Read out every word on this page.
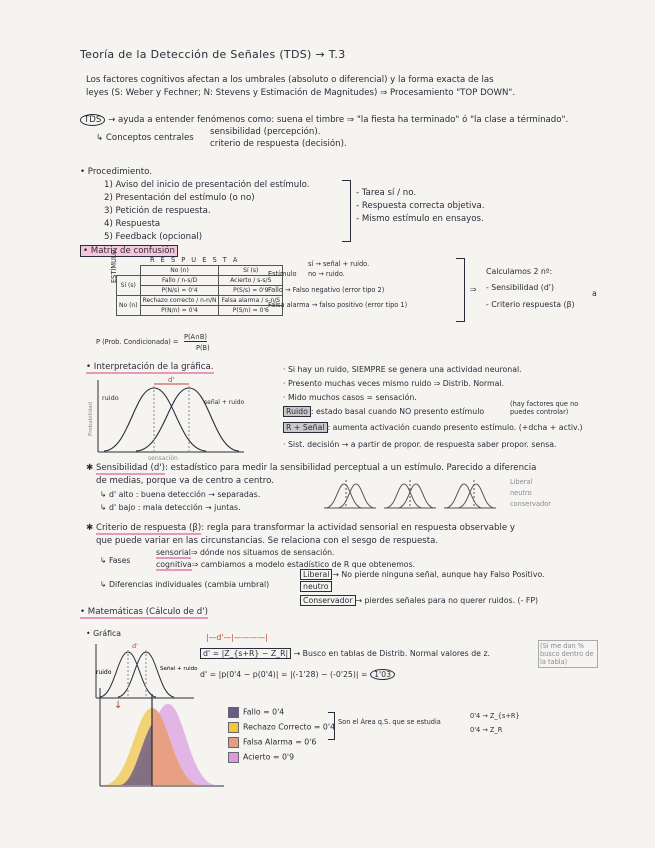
Teoría de la Detección de Señales (TDS) → T.3
Los factores cognitivos afectan a los umbrales (absoluto o diferencial) y la forma exacta de las
leyes (S: Weber y Fechner; N: Stevens y Estimación de Magnitudes) ⇒ Procesamiento "TOP DOWN".
TDS → ayuda a entender fenómenos como: suena el timbre ⇒ "la fiesta ha terminado" ó "la clase a términado".
↳ Conceptos centrales
sensibilidad (percepción).
criterio de respuesta (decisión).
• Procedimiento.
1) Aviso del inicio de presentación del estímulo.
2) Presentación del estímulo (o no)
3) Petición de respuesta.
4) Respuesta
5) Feedback (opcional)
- Tarea sí / no.
- Respuesta correcta objetiva.
- Mismo estímulo en ensayos.
• Matriz de confusión
R E S P U E S T A
ESTÍMULO
		No (n)	Sí (s)
Sí (s)	Fallo / n-s/D	Acierto / s-s/S
	P(N/s) = 0'4	P(S/s) = 0'9
No (n)	Rechazo correcto / n-n/N	Falsa alarma / s-n/S
	P(N/n) = 0'4	P(S/n) = 0'6
Estímulo
sí → señal + ruido.
no → ruido.
Fallo → Falso negativo (error tipo 2)
Falsa alarma → falso positivo (error tipo 1)
⇒
Calculamos 2 nº:
- Sensibilidad (d')
- Criterio respuesta (β)
a
P (Prob. Condicionada) =
P(A∩B)
P(B)
• Interpretación de la gráfica.
d'
ruido
señal + ruido
Probabilidad
sensación
· Si hay un ruido, SIEMPRE se genera una actividad neuronal.
· Presento muchas veces mismo ruido ⇒ Distrib. Normal.
· Mido muchos casos = sensación.
Ruido : estado basal cuando NO presento estímulo
(hay factores que no puedes controlar)
R + Señal : aumenta activación cuando presento estímulo. (+dcha + activ.)
· Sist. decisión → a partir de propor. de respuesta saber propor. sensa.
✱ Sensibilidad (d'): estadístico para medir la sensibilidad perceptual a un estímulo. Parecido a diferencia
de medias, porque va de centro a centro.
↳ d' alto : buena detección → separadas.
↳ d' bajo : mala detección → juntas.
Liberal
neutro
conservador
✱ Criterio de respuesta (β): regla para transformar la actividad sensorial en respuesta observable y
que puede variar en las circunstancias. Se relaciona con el sesgo de respuesta.
↳ Fases
sensorial⇒ dónde nos situamos de sensación.
cognitiva⇒ cambiamos a modelo estadístico de R que obtenemos.
↳ Diferencias individuales (cambia umbral)
Liberal → No pierde ninguna señal, aunque hay Falso Positivo.
neutro
Conservador → pierdes señales para no querer ruidos. (- FP)
• Matemáticas (Cálculo de d')
• Gráfica
d'
ruido	Señal + ruido
|—d'—|————|
d' = |Z_{s+R} − Z_R| → Busco en tablas de Distrib. Normal valores de z.
d' = |p(0'4 − p(0'4)| = |(-1'28) − (-0'25)| = 1'03
(Si me dan % busco dentro de la tabla)
↓
Fallo = 0'4
Rechazo Correcto = 0'4
Falsa Alarma = 0'6
Acierto = 0'9
Son el Área q.S. que se estudia
0'4 → Z_{s+R}
0'4 → Z_R
